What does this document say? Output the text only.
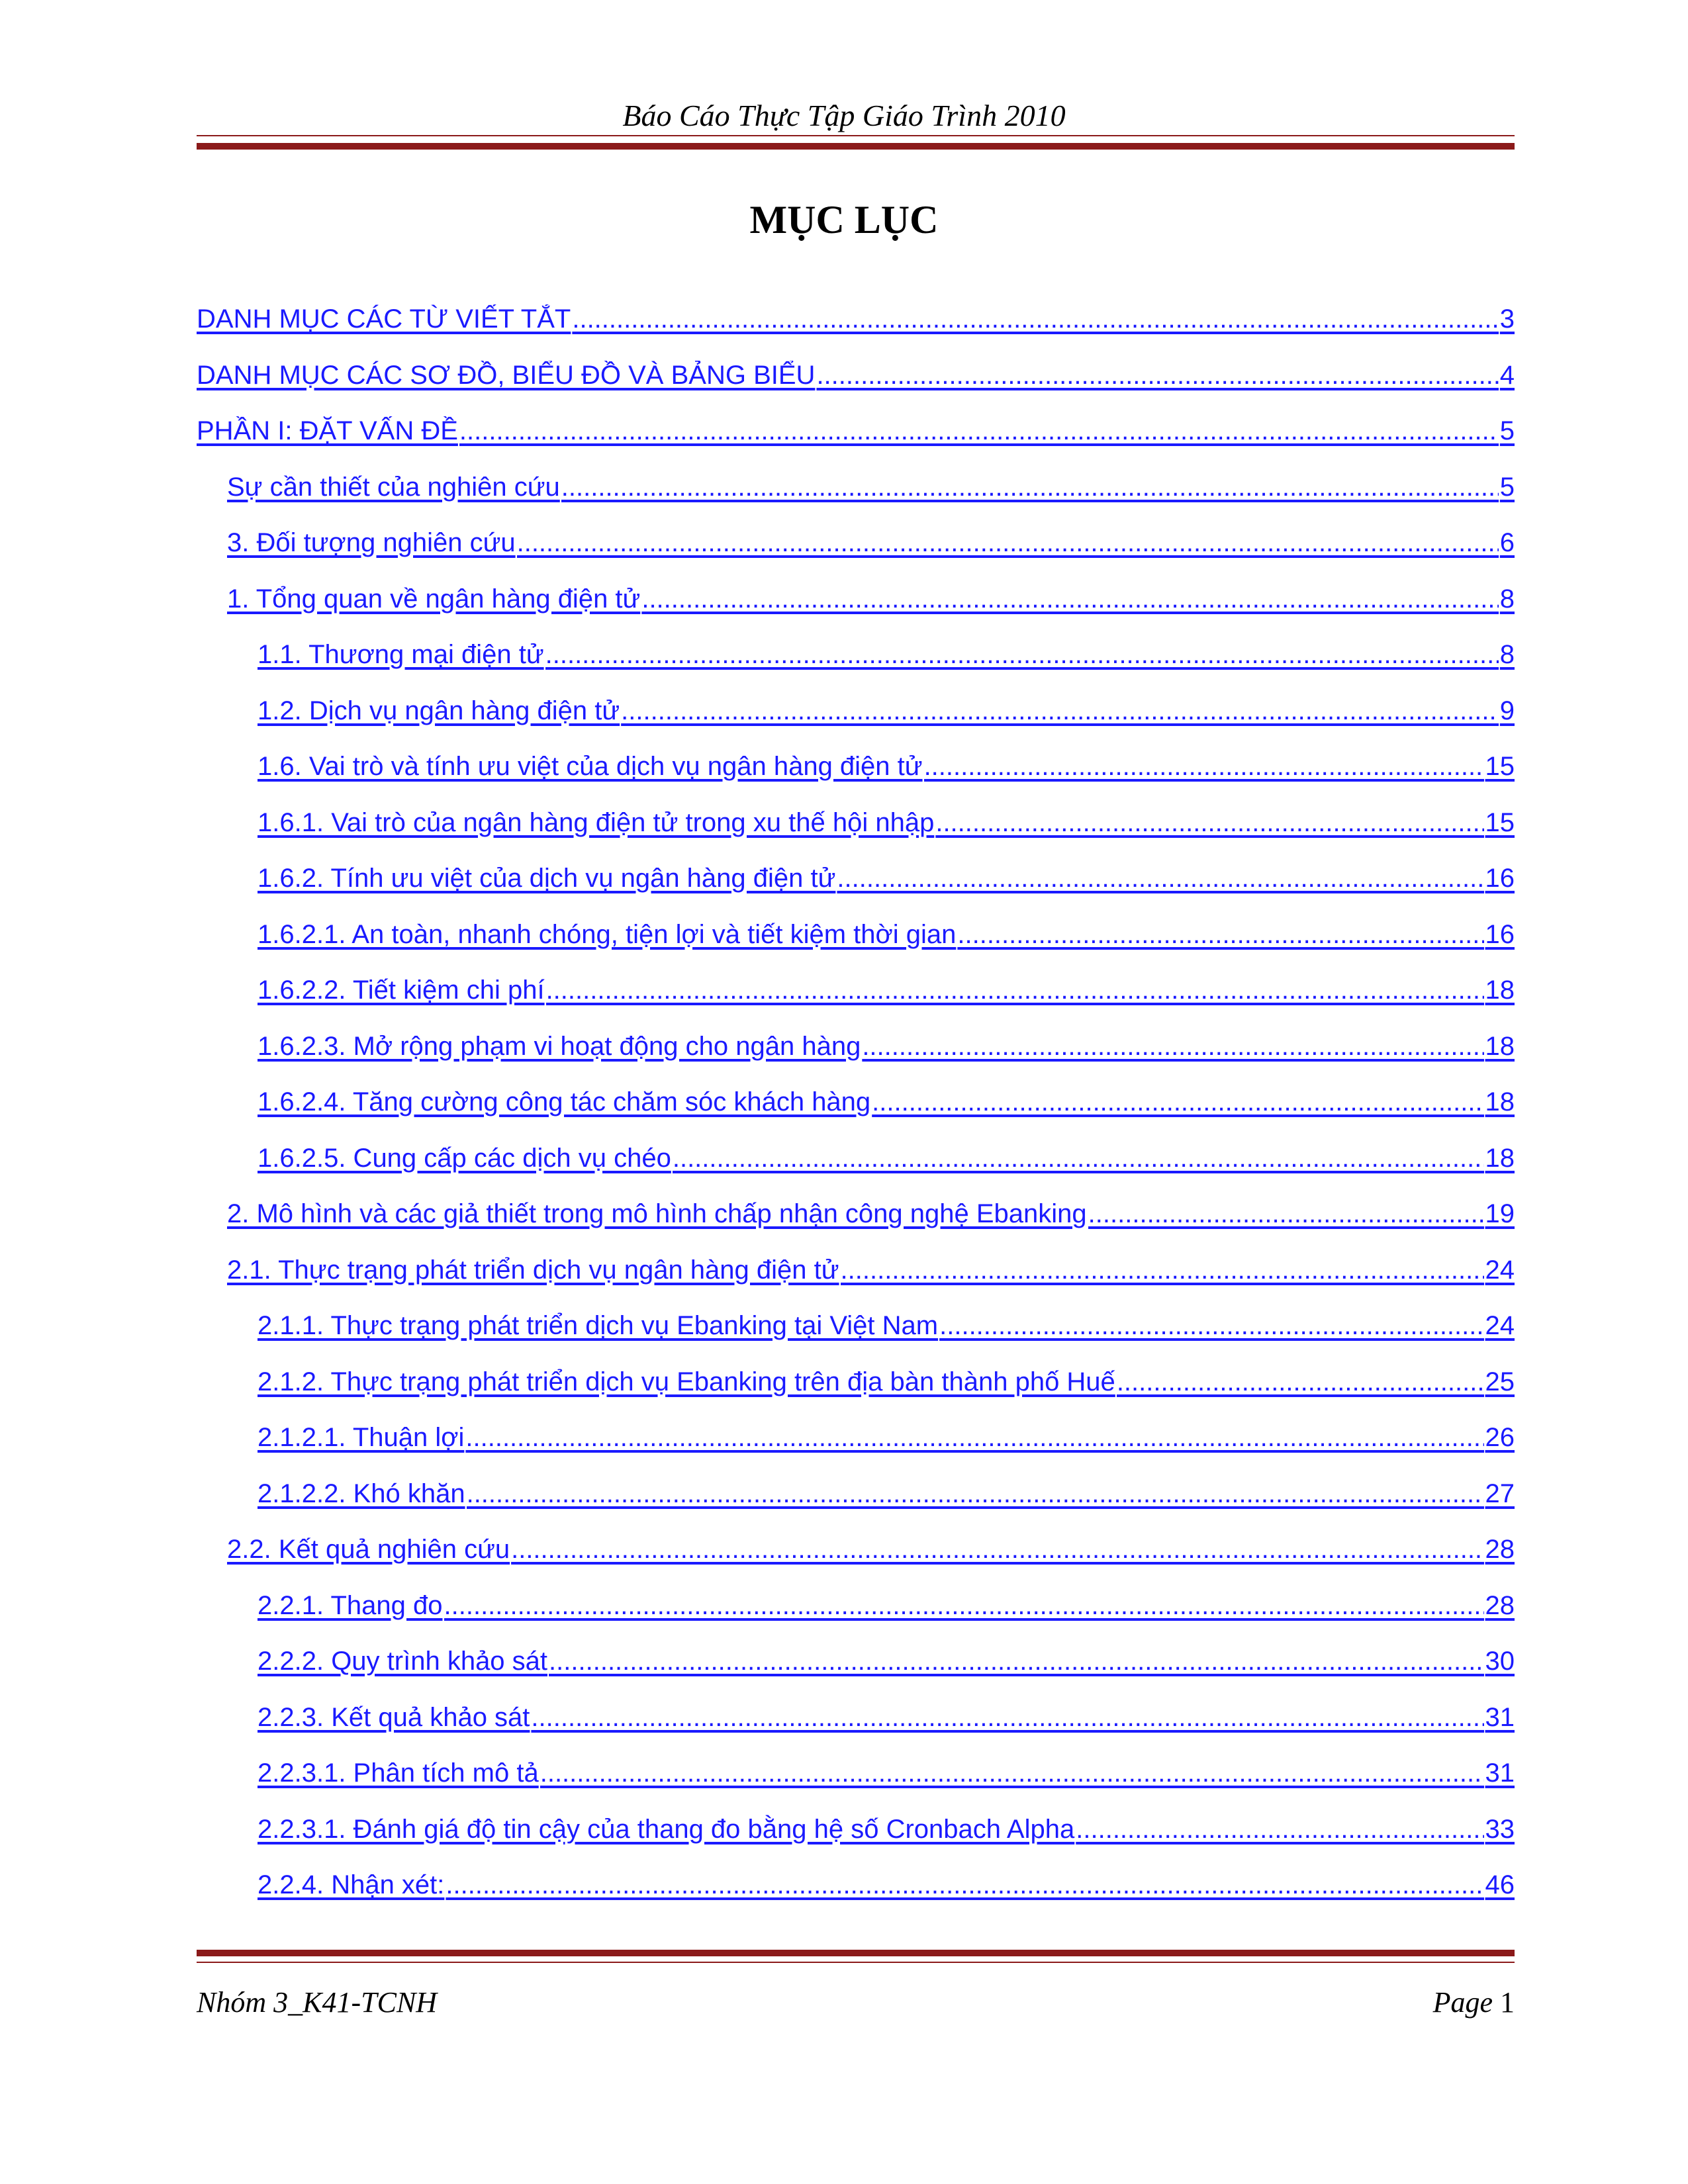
Báo Cáo Thực Tập Giáo Trình 2010
MỤC LỤC
DANH MỤC CÁC TỪ VIẾT TẮT .....	3
DANH MỤC CÁC SƠ ĐỒ, BIỂU ĐỒ VÀ BẢNG BIỂU .....	4
PHẦN I: ĐẶT VẤN ĐỀ .....	5
Sự cần thiết của nghiên cứu .....	5
3. Đối tượng nghiên cứu .....	6
1. Tổng quan về ngân hàng điện tử .....	8
1.1. Thương mại điện tử .....	8
1.2. Dịch vụ ngân hàng điện tử .....	9
1.6. Vai trò và tính ưu việt của dịch vụ ngân hàng điện tử .....	15
1.6.1. Vai trò của ngân hàng điện tử trong xu thế hội nhập .....	15
1.6.2. Tính ưu việt của dịch vụ ngân hàng điện tử .....	16
1.6.2.1. An toàn, nhanh chóng, tiện lợi và tiết kiệm thời gian .....	16
1.6.2.2. Tiết kiệm chi phí .....	18
1.6.2.3. Mở rộng phạm vi hoạt động cho ngân hàng .....	18
1.6.2.4. Tăng cường công tác chăm sóc khách hàng .....	18
1.6.2.5. Cung cấp các dịch vụ chéo .....	18
2. Mô hình và các giả thiết trong mô hình chấp nhận công nghệ Ebanking .....	19
2.1. Thực trạng phát triển dịch vụ ngân hàng điện tử .....	24
2.1.1. Thực trạng phát triển dịch vụ Ebanking tại Việt Nam .....	24
2.1.2. Thực trạng phát triển dịch vụ Ebanking trên địa bàn thành phố Huế .....	25
2.1.2.1. Thuận lợi .....	26
2.1.2.2. Khó khăn .....	27
2.2. Kết quả nghiên cứu .....	28
2.2.1. Thang đo .....	28
2.2.2. Quy trình khảo sát .....	30
2.2.3. Kết quả khảo sát .....	31
2.2.3.1. Phân tích mô tả .....	31
2.2.3.1. Đánh giá độ tin cậy của thang đo bằng hệ số Cronbach Alpha .....	33
2.2.4. Nhận xét: .....	46
Nhóm 3_K41-TCNH	Page 1
